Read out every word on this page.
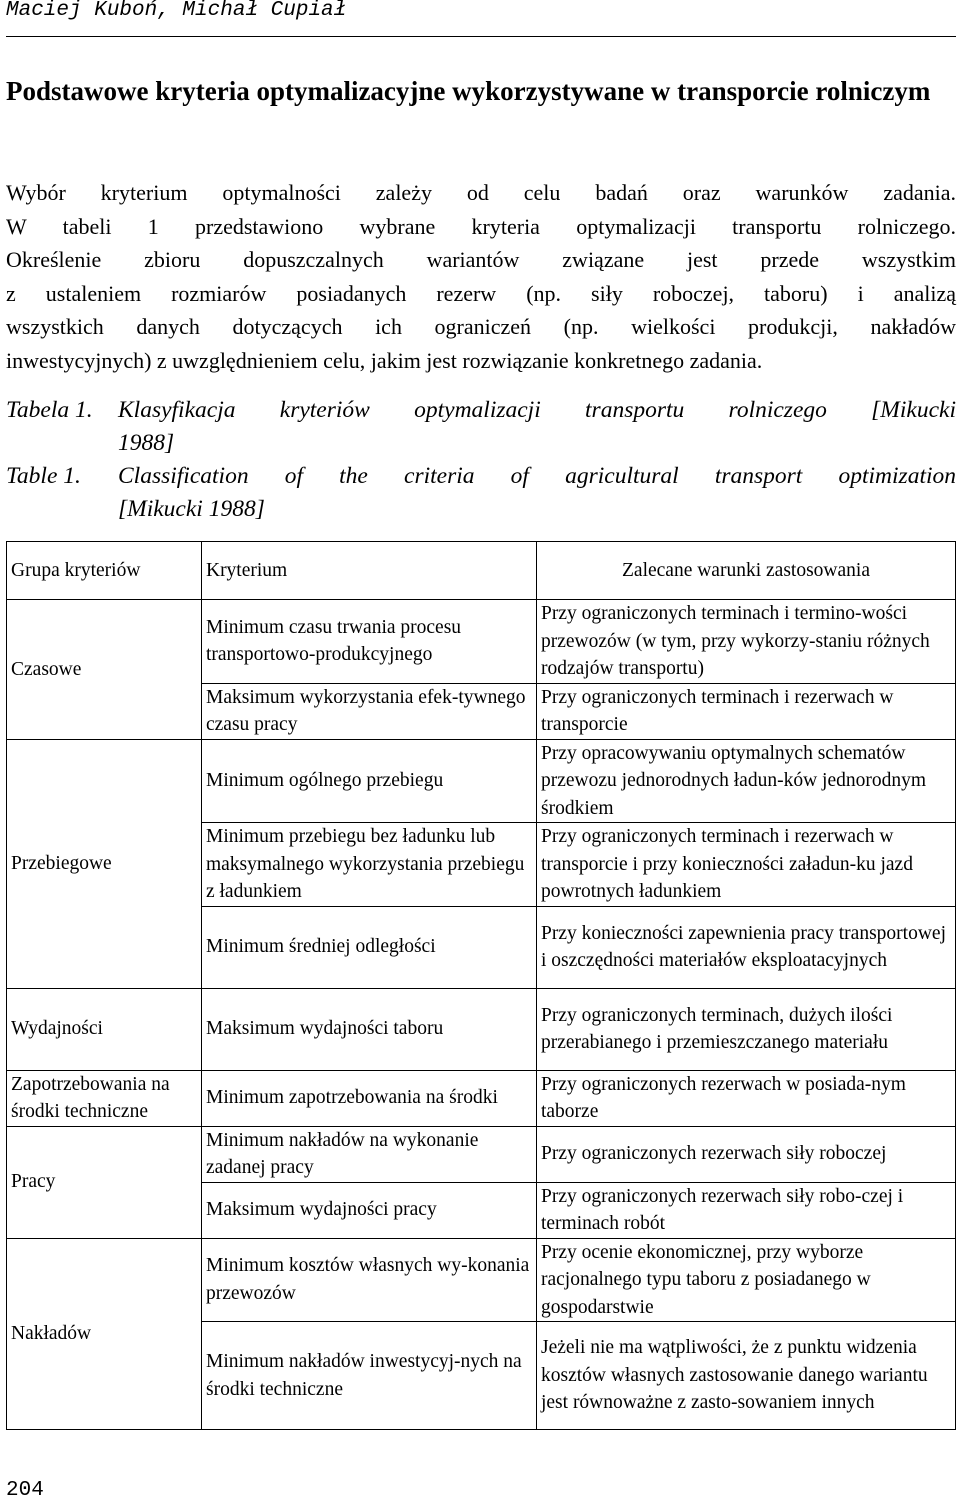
Maciej Kuboń, Michał Cupiał
Podstawowe kryteria optymalizacyjne wykorzystywane w transporcie rolniczym
Wybór kryterium optymalności zależy od celu badań oraz warunków zadania.
W tabeli 1 przedstawiono wybrane kryteria optymalizacji transportu rolniczego.
Określenie zbioru dopuszczalnych wariantów związane jest przede wszystkim
z ustaleniem rozmiarów posiadanych rezerw (np. siły roboczej, taboru) i analizą
wszystkich danych dotyczących ich ograniczeń (np. wielkości produkcji, nakładów
inwestycyjnych) z uwzględnieniem celu, jakim jest rozwiązanie konkretnego zadania.
Tabela 1.	Klasyfikacja kryteriów optymalizacji transportu rolniczego [Mikucki
1988]
Table 1.	Classification of the criteria of agricultural transport optimization
[Mikucki 1988]
Grupa kryteriów	Kryterium	Zalecane warunki zastosowania
Czasowe	Minimum czasu trwania procesu transportowo-produkcyjnego	Przy ograniczonych terminach i termino-wości przewozów (w tym, przy wykorzy-staniu różnych rodzajów transportu)
	Maksimum wykorzystania efek-tywnego czasu pracy	Przy ograniczonych terminach i rezerwach w transporcie
Przebiegowe	Minimum ogólnego przebiegu	Przy opracowywaniu optymalnych schematów przewozu jednorodnych ładun-ków jednorodnym środkiem
	Minimum przebiegu bez ładunku lub maksymalnego wykorzystania przebiegu z ładunkiem	Przy ograniczonych terminach i rezerwach w transporcie i przy konieczności załadun-ku jazd powrotnych ładunkiem
	Minimum średniej odległości	Przy konieczności zapewnienia pracy transportowej i oszczędności materiałów eksploatacyjnych
Wydajności	Maksimum wydajności taboru	Przy ograniczonych terminach, dużych ilości przerabianego i przemieszczanego materiału
Zapotrzebowania na środki techniczne	Minimum zapotrzebowania na środki	Przy ograniczonych rezerwach w posiada-nym taborze
Pracy	Minimum nakładów na wykonanie zadanej pracy	Przy ograniczonych rezerwach siły roboczej
	Maksimum wydajności pracy	Przy ograniczonych rezerwach siły robo-czej i terminach robót
Nakładów	Minimum kosztów własnych wy-konania przewozów	Przy ocenie ekonomicznej, przy wyborze racjonalnego typu taboru z posiadanego w gospodarstwie
	Minimum nakładów inwestycyj-nych na środki techniczne	Jeżeli nie ma wątpliwości, że z punktu widzenia kosztów własnych zastosowanie danego wariantu jest równoważne z zasto-sowaniem innych
204
